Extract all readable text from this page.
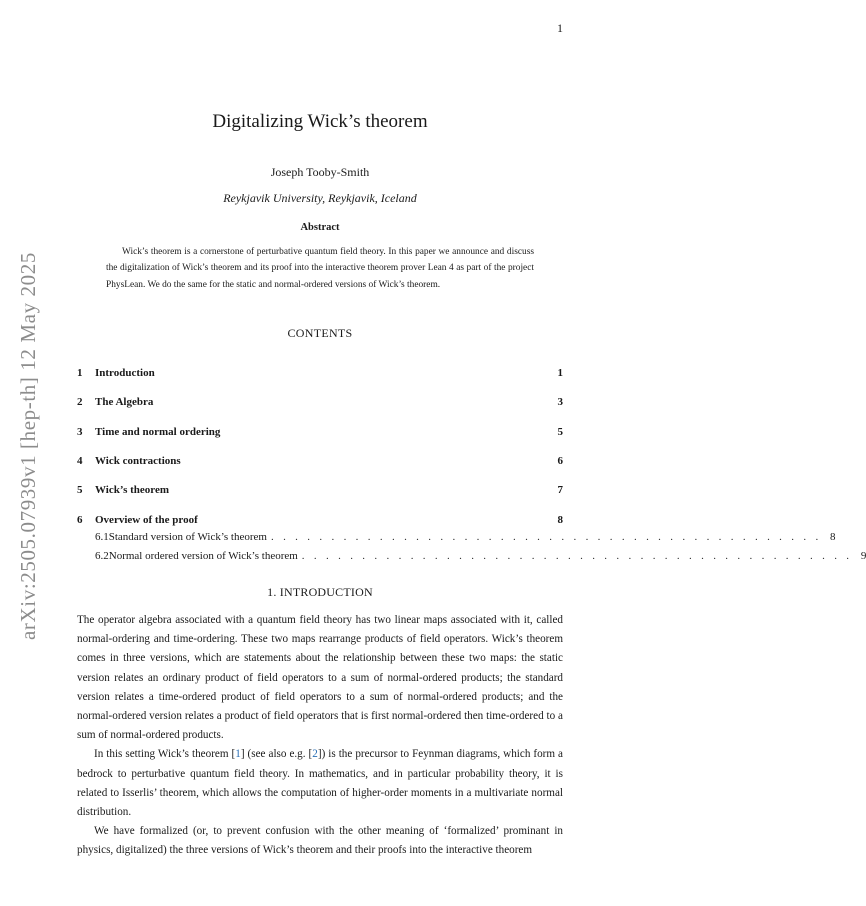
1
arXiv:2505.07939v1 [hep-th] 12 May 2025
Digitalizing Wick’s theorem
Joseph Tooby-Smith
Reykjavik University, Reykjavik, Iceland
Abstract

Wick’s theorem is a cornerstone of perturbative quantum field theory. In this paper we announce and discuss the digitalization of Wick’s theorem and its proof into the interactive theorem prover Lean 4 as part of the project PhysLean. We do the same for the static and normal-ordered versions of Wick’s theorem.

CONTENTS
1	Introduction	1
2	The Algebra	3
3	Time and normal ordering	5
4	Wick contractions	6
5	Wick’s theorem	7
6	Overview of the proof	8
6.1 Standard version of Wick’s theorem . . . . . . . . . . . . . . . . . . . . . . . . . . . . . . . . . . . . . . . . . . . . . . 8
6.2 Normal ordered version of Wick’s theorem . . . . . . . . . . . . . . . . . . . . . . . . . . . . . . . . . . . . . . . . . . . . . . 9
1. INTRODUCTION

The operator algebra associated with a quantum field theory has two linear maps associated with it, called normal-ordering and time-ordering. These two maps rearrange products of field operators. Wick’s theorem comes in three versions, which are statements about the relationship between these two maps: the static version relates an ordinary product of field operators to a sum of normal-ordered products; the standard version relates a time-ordered product of field operators to a sum of normal-ordered products; and the normal-ordered version relates a product of field operators that is first normal-ordered then time-ordered to a sum of normal-ordered products.

In this setting Wick’s theorem [1] (see also e.g. [2]) is the precursor to Feynman diagrams, which form a bedrock to perturbative quantum field theory. In mathematics, and in particular probability theory, it is related to Isserlis’ theorem, which allows the computation of higher-order moments in a multivariate normal distribution.

We have formalized (or, to prevent confusion with the other meaning of ‘formalized’ prominant in physics, digitalized) the three versions of Wick’s theorem and their proofs into the interactive theorem
